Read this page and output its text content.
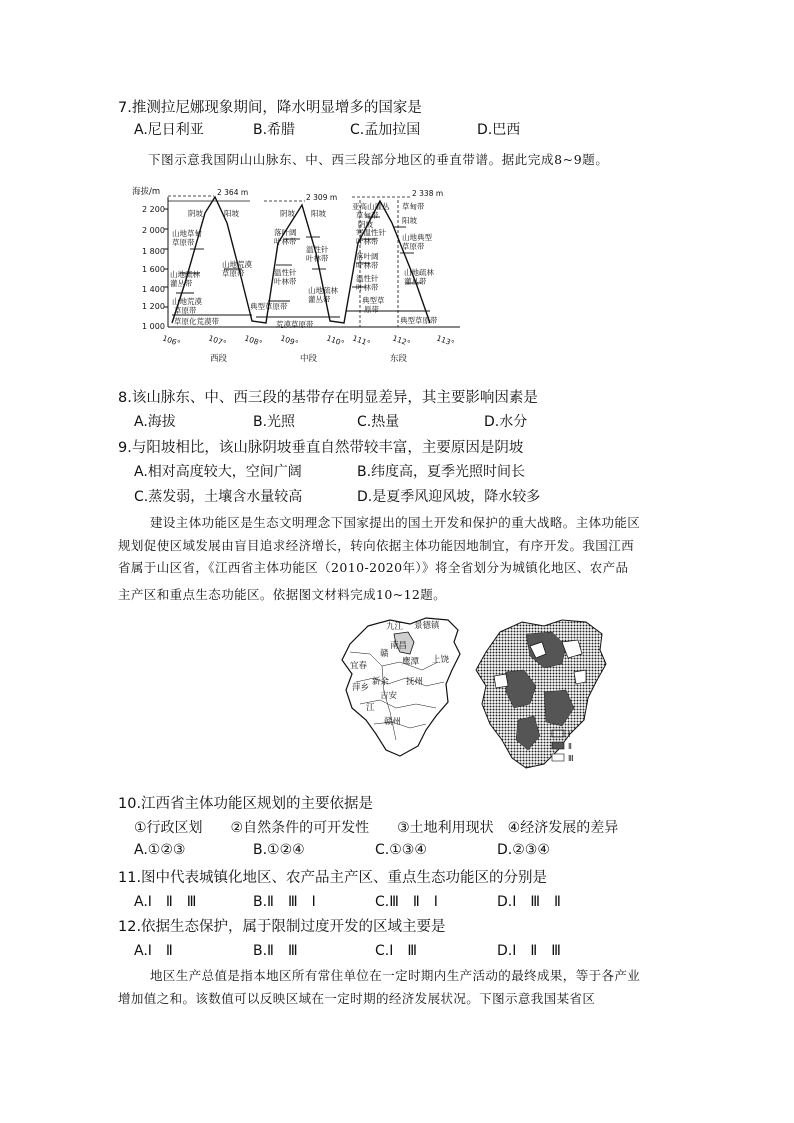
7.推测拉尼娜现象期间，降水明显增多的国家是
A.尼日利亚	B.希腊	C.孟加拉国	D.巴西
下图示意我国阴山山脉东、中、西三段部分地区的垂直带谱。据此完成8~9题。
海拔/m
2 200
2 000
1 800
1 600
1 400
1 200
1 000
2 364 m
2 309 m	2 338 m
阴坡	阳坡
山地草甸
草原带
山地疏林
灌丛带
山地荒漠
草原带
山地荒漠
草原带
草原化荒漠带
阴坡 阳坡
落叶阔
叶林带
温性针
叶林带
温性针
叶林带
山地疏林
灌丛带
典型草原带
荒漠草原带
亚高山灌丛
草甸带
草甸带
阴坡
寒温性针
叶林带
阳坡
山地典型
草原带
落叶阔
叶林带
温性针
叶林带
山地疏林
灌丛带
典型草
原带
典型草原带
106°	107° 108° 109°	110° 111°	112°	113°
西段	中段	东段
8.该山脉东、中、西三段的基带存在明显差异，其主要影响因素是
A.海拔	B.光照	C.热量	D.水分
9.与阳坡相比，该山脉阴坡垂直自然带较丰富，主要原因是阴坡
A.相对高度较大，空间广阔	B.纬度高，夏季光照时间长
C.蒸发弱，土壤含水量较高	D.是夏季风迎风坡，降水较多
建设主体功能区是生态文明理念下国家提出的国土开发和保护的重大战略。主体功能区
规划促使区域发展由盲目追求经济增长，转向依据主体功能因地制宜，有序开发。我国江西
省属于山区省，《江西省主体功能区（2010-2020年）》将全省划分为城镇化地区、农产品
主产区和重点生态功能区。依据图文材料完成10~12题。
九江 景德镇
南昌
上饶
鹰潭
宜春
新余 抚州
萍乡
吉安
赣州
赣
江
Ⅰ
Ⅱ
Ⅲ
10.江西省主体功能区规划的主要依据是
①行政区划　　②自然条件的可开发性　　③土地利用现状　④经济发展的差异
A.①②③	B.①②④	C.①③④	D.②③④
11.图中代表城镇化地区、农产品主产区、重点生态功能区的分别是
A.Ⅰ　Ⅱ　Ⅲ	B.Ⅱ　Ⅲ　Ⅰ	C.Ⅲ　Ⅱ　Ⅰ	D.Ⅰ　Ⅲ　Ⅱ
12.依据生态保护，属于限制过度开发的区域主要是
A.Ⅰ　Ⅱ	B.Ⅱ　Ⅲ	C.Ⅰ　Ⅲ	D.Ⅰ　Ⅱ　Ⅲ
地区生产总值是指本地区所有常住单位在一定时期内生产活动的最终成果，等于各产业
增加值之和。该数值可以反映区域在一定时期的经济发展状况。下图示意我国某省区
